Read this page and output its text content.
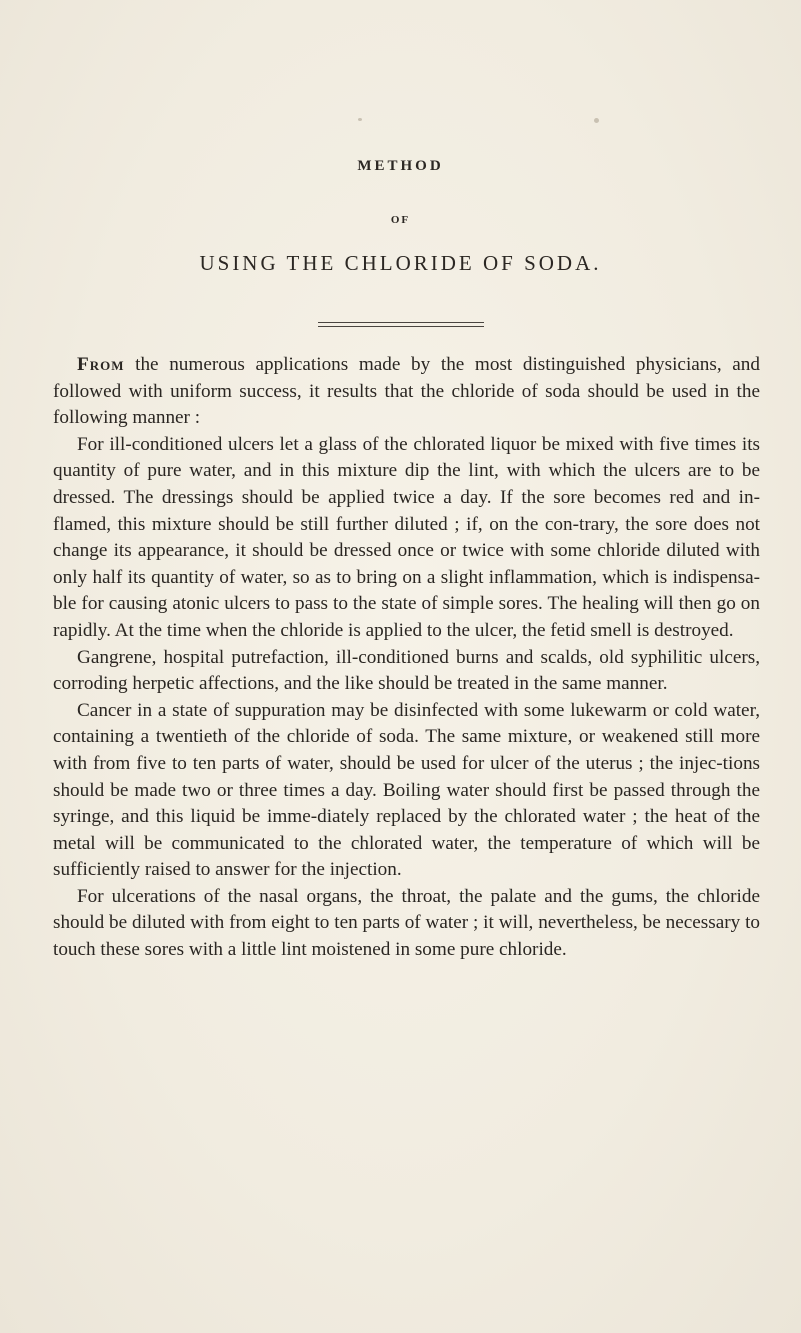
METHOD
OF
USING THE CHLORIDE OF SODA.

From the numerous applications made by the most distinguished physicians, and followed with uniform success, it results that the chloride of soda should be used in the following manner :

For ill-conditioned ulcers let a glass of the chlorated liquor be mixed with five times its quantity of pure water, and in this mixture dip the lint, with which the ulcers are to be dressed. The dressings should be applied twice a day. If the sore becomes red and in-flamed, this mixture should be still further diluted ; if, on the con-trary, the sore does not change its appearance, it should be dressed once or twice with some chloride diluted with only half its quantity of water, so as to bring on a slight inflammation, which is indispensa-ble for causing atonic ulcers to pass to the state of simple sores. The healing will then go on rapidly. At the time when the chloride is applied to the ulcer, the fetid smell is destroyed.

Gangrene, hospital putrefaction, ill-conditioned burns and scalds, old syphilitic ulcers, corroding herpetic affections, and the like should be treated in the same manner.

Cancer in a state of suppuration may be disinfected with some lukewarm or cold water, containing a twentieth of the chloride of soda. The same mixture, or weakened still more with from five to ten parts of water, should be used for ulcer of the uterus ; the injec-tions should be made two or three times a day. Boiling water should first be passed through the syringe, and this liquid be imme-diately replaced by the chlorated water ; the heat of the metal will be communicated to the chlorated water, the temperature of which will be sufficiently raised to answer for the injection.

For ulcerations of the nasal organs, the throat, the palate and the gums, the chloride should be diluted with from eight to ten parts of water ; it will, nevertheless, be necessary to touch these sores with a little lint moistened in some pure chloride.
